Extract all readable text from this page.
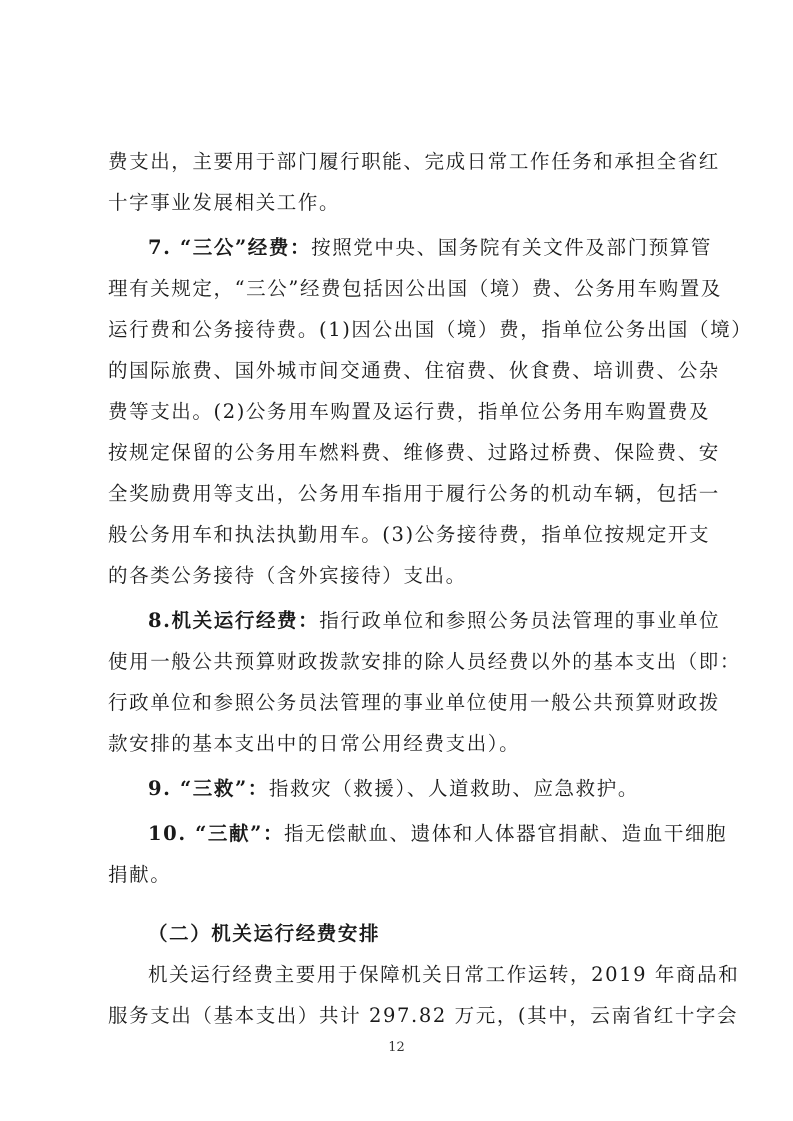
费支出，主要用于部门履行职能、完成日常工作任务和承担全省红
十字事业发展相关工作。
7. “三公”经费：按照党中央、国务院有关文件及部门预算管
理有关规定，“三公”经费包括因公出国（境）费、公务用车购置及
运行费和公务接待费。(1)因公出国（境）费，指单位公务出国（境）
的国际旅费、国外城市间交通费、住宿费、伙食费、培训费、公杂
费等支出。(2)公务用车购置及运行费，指单位公务用车购置费及
按规定保留的公务用车燃料费、维修费、过路过桥费、保险费、安
全奖励费用等支出，公务用车指用于履行公务的机动车辆，包括一
般公务用车和执法执勤用车。(3)公务接待费，指单位按规定开支
的各类公务接待（含外宾接待）支出。
8.机关运行经费：指行政单位和参照公务员法管理的事业单位
使用一般公共预算财政拨款安排的除人员经费以外的基本支出（即：
行政单位和参照公务员法管理的事业单位使用一般公共预算财政拨
款安排的基本支出中的日常公用经费支出）。
9. “三救”：指救灾（救援）、人道救助、应急救护。
10. “三献”：指无偿献血、遗体和人体器官捐献、造血干细胞
捐献。
（二）机关运行经费安排
机关运行经费主要用于保障机关日常工作运转，2019 年商品和
服务支出（基本支出）共计 297.82 万元，(其中，云南省红十字会
12
